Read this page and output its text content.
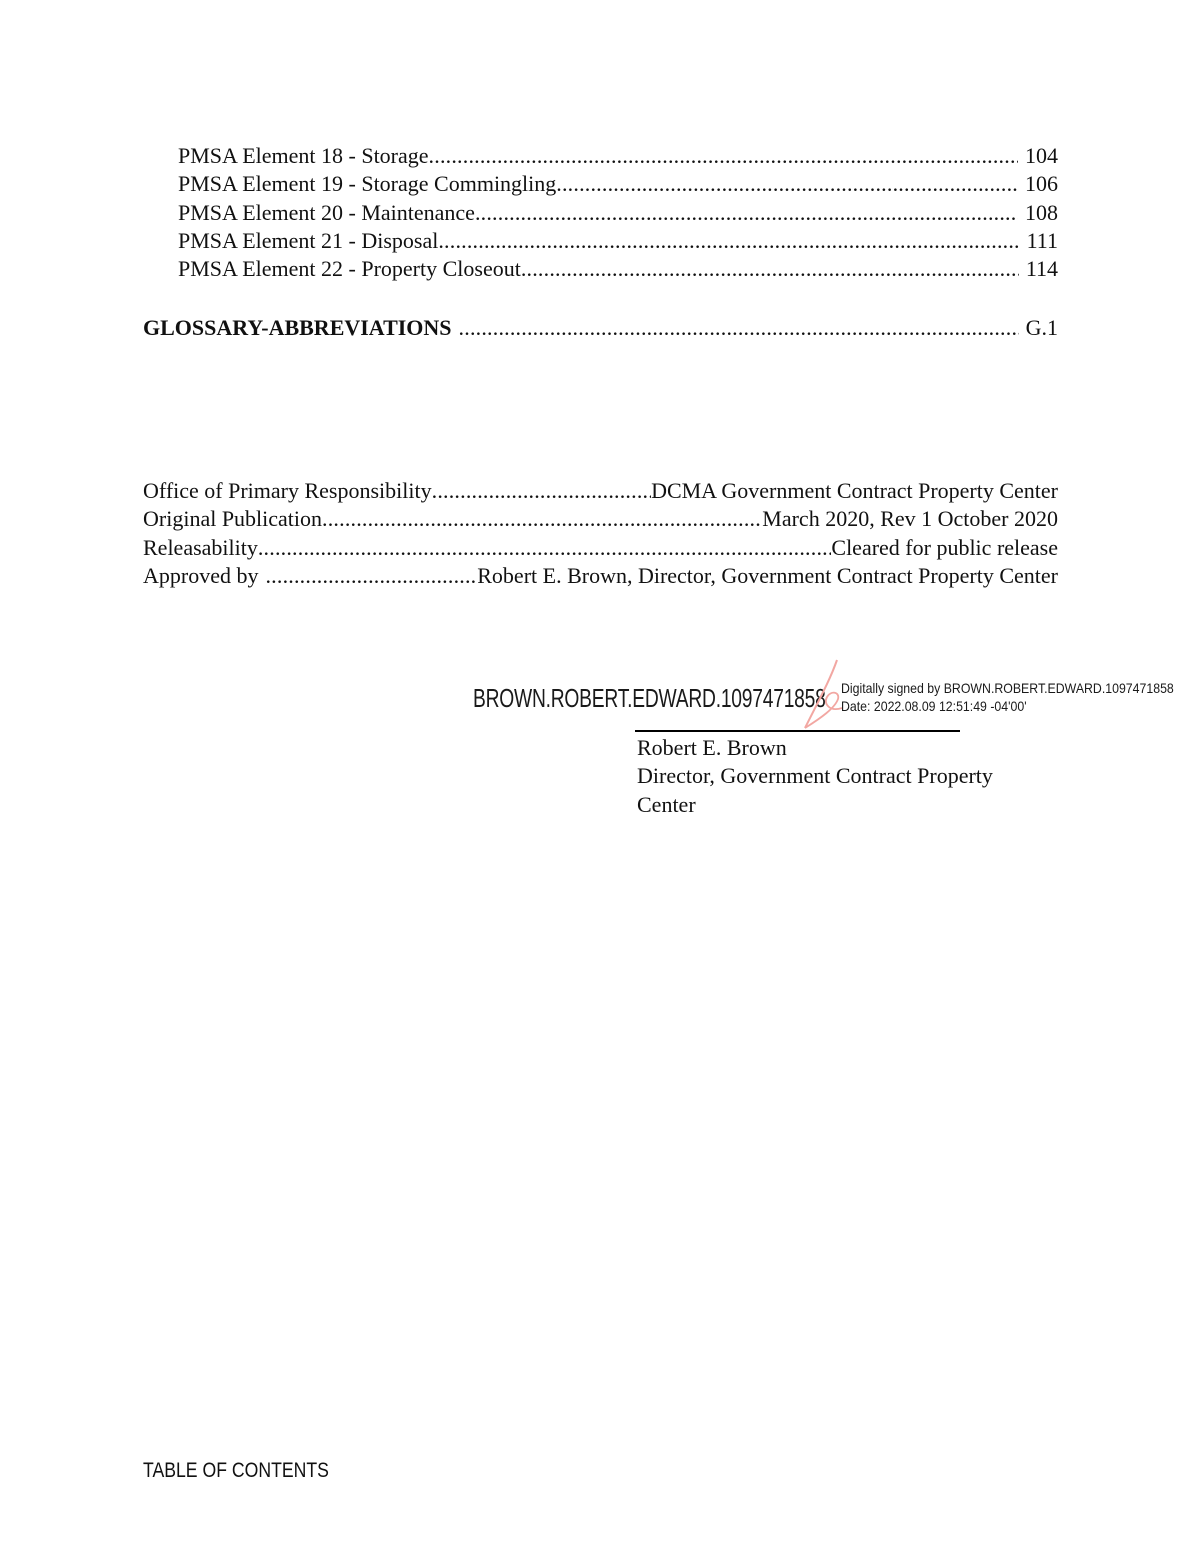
PMSA Element 18 - Storage .....	104
PMSA Element 19 - Storage Commingling .....	106
PMSA Element 20 - Maintenance .....	108
PMSA Element 21 - Disposal .....	111
PMSA Element 22 - Property Closeout .....	114
GLOSSARY-ABBREVIATIONS .....	G.1
Office of Primary Responsibility .....	DCMA Government Contract Property Center
Original Publication .....	March 2020, Rev 1 October 2020
Releasability .....	Cleared for public release
Approved by .....	Robert E. Brown, Director, Government Contract Property Center
BROWN.ROBERT.EDWARD.1097471858 Digitally signed by BROWN.ROBERT.EDWARD.1097471858
Date: 2022.08.09 12:51:49 -04'00'
Robert E. Brown
Director, Government Contract Property
Center
TABLE OF CONTENTS
